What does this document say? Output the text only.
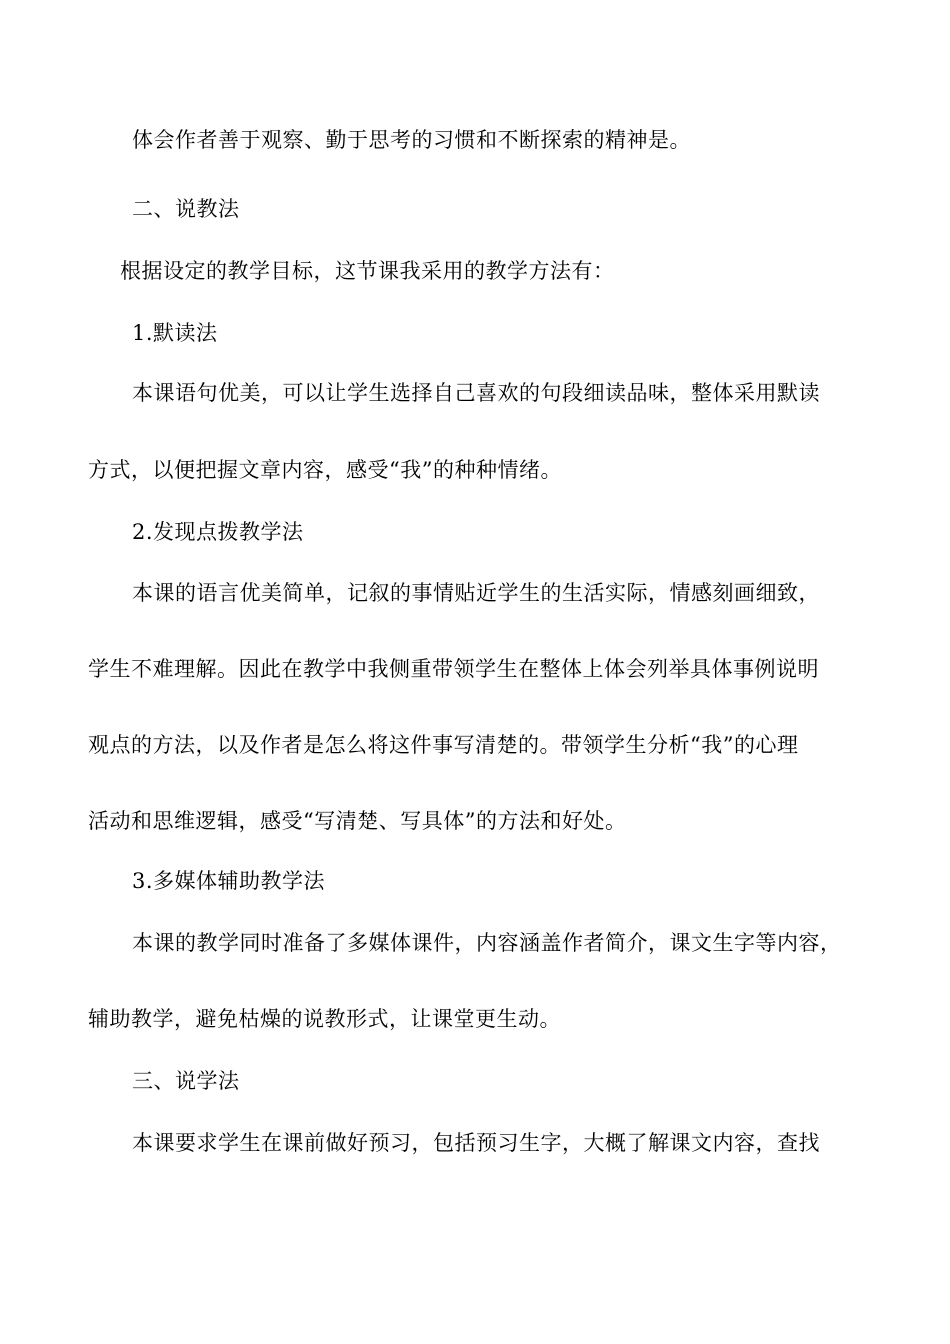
体会作者善于观察、勤于思考的习惯和不断探索的精神是。
二、说教法
根据设定的教学目标，这节课我采用的教学方法有：
1.默读法
本课语句优美，可以让学生选择自己喜欢的句段细读品味，整体采用默读
方式，以便把握文章内容，感受“我”的种种情绪。
2.发现点拨教学法
本课的语言优美简单，记叙的事情贴近学生的生活实际，情感刻画细致，
学生不难理解。因此在教学中我侧重带领学生在整体上体会列举具体事例说明
观点的方法，以及作者是怎么将这件事写清楚的。带领学生分析“我”的心理
活动和思维逻辑，感受“写清楚、写具体”的方法和好处。
3.多媒体辅助教学法
本课的教学同时准备了多媒体课件，内容涵盖作者简介，课文生字等内容，
辅助教学，避免枯燥的说教形式，让课堂更生动。
三、说学法
本课要求学生在课前做好预习，包括预习生字，大概了解课文内容，查找
